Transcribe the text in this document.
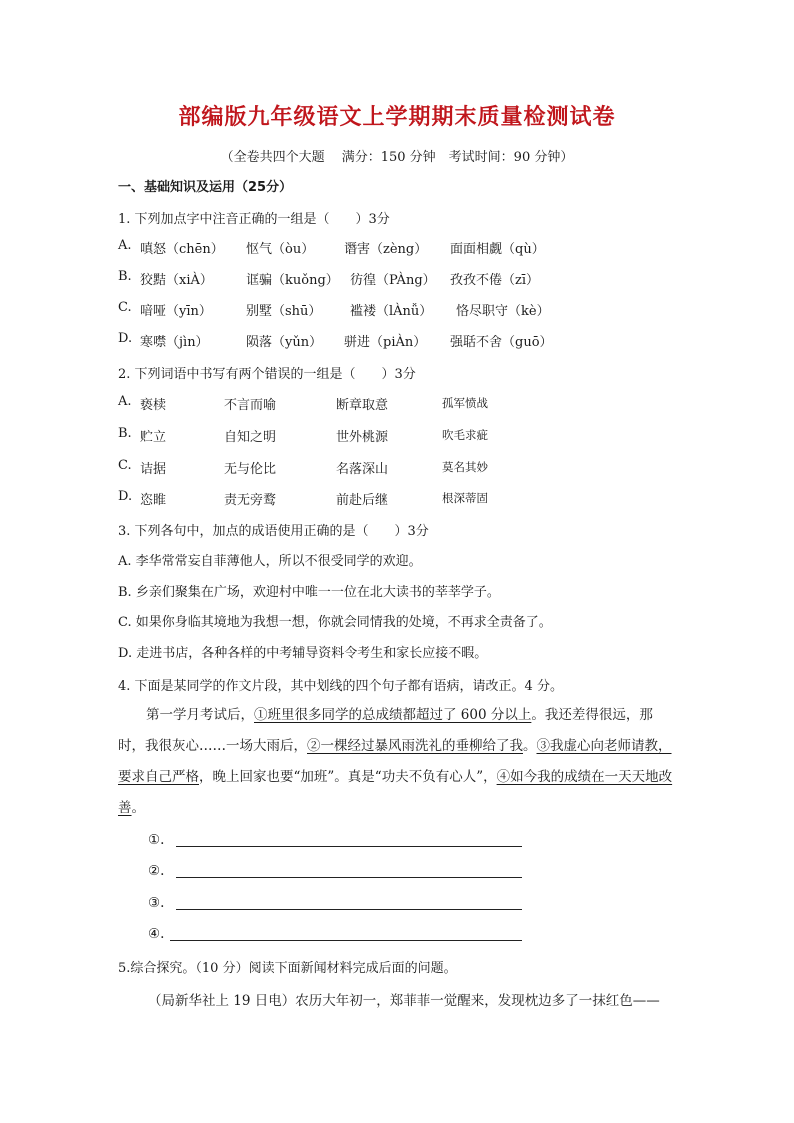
部编版九年级语文上学期期末质量检测试卷
（全卷共四个大题　 满分：150 分钟　考试时间：90 分钟）
一、基础知识及运用（25分）
1. 下列加点字中注音正确的一组是（　　）3分
A. 嗔怒（chēn） 怄气（òu） 谮害（zèng） 面面相觑（qù）
B. 狡黠（xiÀ）	诓骗（kuǒng） 彷徨（PÀng） 孜孜不倦（zī）
C. 喑哑（yīn）	别墅（shū） 褴褛（lÀnǚ） 恪尽职守（kè）
D. 寒噤（jìn）	陨落（yǔn） 骈进（piÀn） 强聒不舍（guō）
2. 下列词语中书写有两个错误的一组是（　　）3分
A. 亵椟	不言而喻	断章取意	孤军愤战
B. 贮立	自知之明	世外桃源	吹毛求疵
C. 诘据	无与伦比	名落深山	莫名其妙
D. 恣睢	责无旁鹜	前赴后继	根深蒂固
3. 下列各句中，加点的成语使用正确的是（　　）3分
A. 李华常常妄自菲薄他人，所以不很受同学的欢迎。
B. 乡亲们聚集在广场，欢迎村中唯一一位在北大读书的莘莘学子。
C. 如果你身临其境地为我想一想，你就会同情我的处境，不再求全责备了。
D. 走进书店，各种各样的中考辅导资料令考生和家长应接不暇。
4. 下面是某同学的作文片段，其中划线的四个句子都有语病，请改正。4 分。
第一学月考试后，①班里很多同学的总成绩都超过了 600 分以上。我还差得很远，那时，我很灰心……一场大雨后，②一棵经过暴风雨洗礼的垂柳给了我。③我虚心向老师请教，要求自己严格，晚上回家也要“加班”。真是“功夫不负有心人”，④如今我的成绩在一天天地改善。
①.
②.
③.
④.
5.综合探究。（10 分）阅读下面新闻材料完成后面的问题。
（局新华社上 19 日电）农历大年初一，郑菲菲一觉醒来，发现枕边多了一抹红色——
